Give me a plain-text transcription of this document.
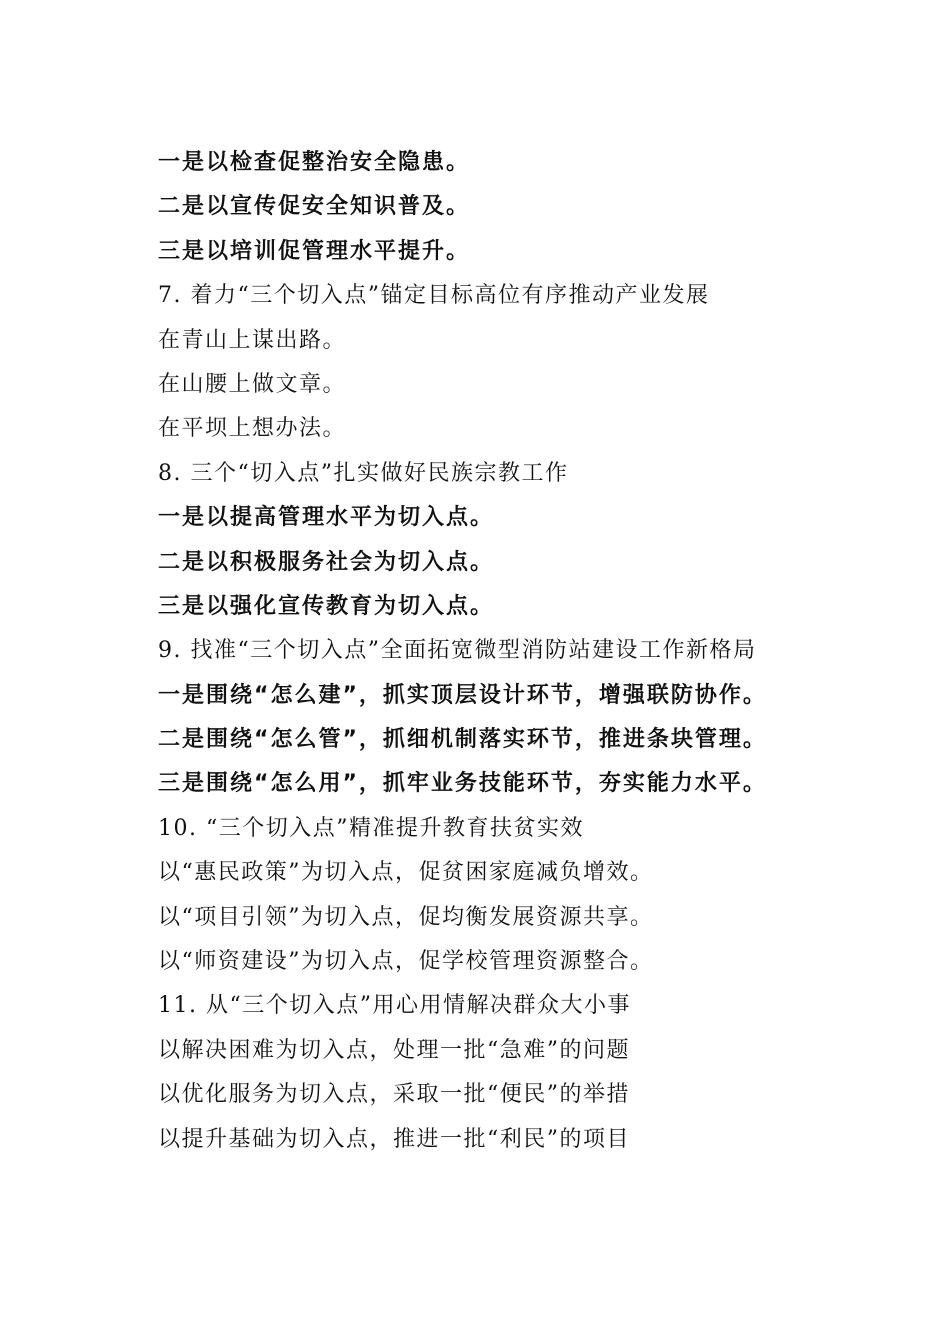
一是以检查促整治安全隐患。
二是以宣传促安全知识普及。
三是以培训促管理水平提升。
7. 着力“三个切入点”锚定目标高位有序推动产业发展
在青山上谋出路。
在山腰上做文章。
在平坝上想办法。
8. 三个“切入点”扎实做好民族宗教工作
一是以提高管理水平为切入点。
二是以积极服务社会为切入点。
三是以强化宣传教育为切入点。
9. 找准“三个切入点”全面拓宽微型消防站建设工作新格局
一是围绕“怎么建”，抓实顶层设计环节，增强联防协作。
二是围绕“怎么管”，抓细机制落实环节，推进条块管理。
三是围绕“怎么用”，抓牢业务技能环节，夯实能力水平。
10. “三个切入点”精准提升教育扶贫实效
以“惠民政策”为切入点，促贫困家庭减负增效。
以“项目引领”为切入点，促均衡发展资源共享。
以“师资建设”为切入点，促学校管理资源整合。
11. 从“三个切入点”用心用情解决群众大小事
以解决困难为切入点，处理一批“急难”的问题
以优化服务为切入点，采取一批“便民”的举措
以提升基础为切入点，推进一批“利民”的项目
